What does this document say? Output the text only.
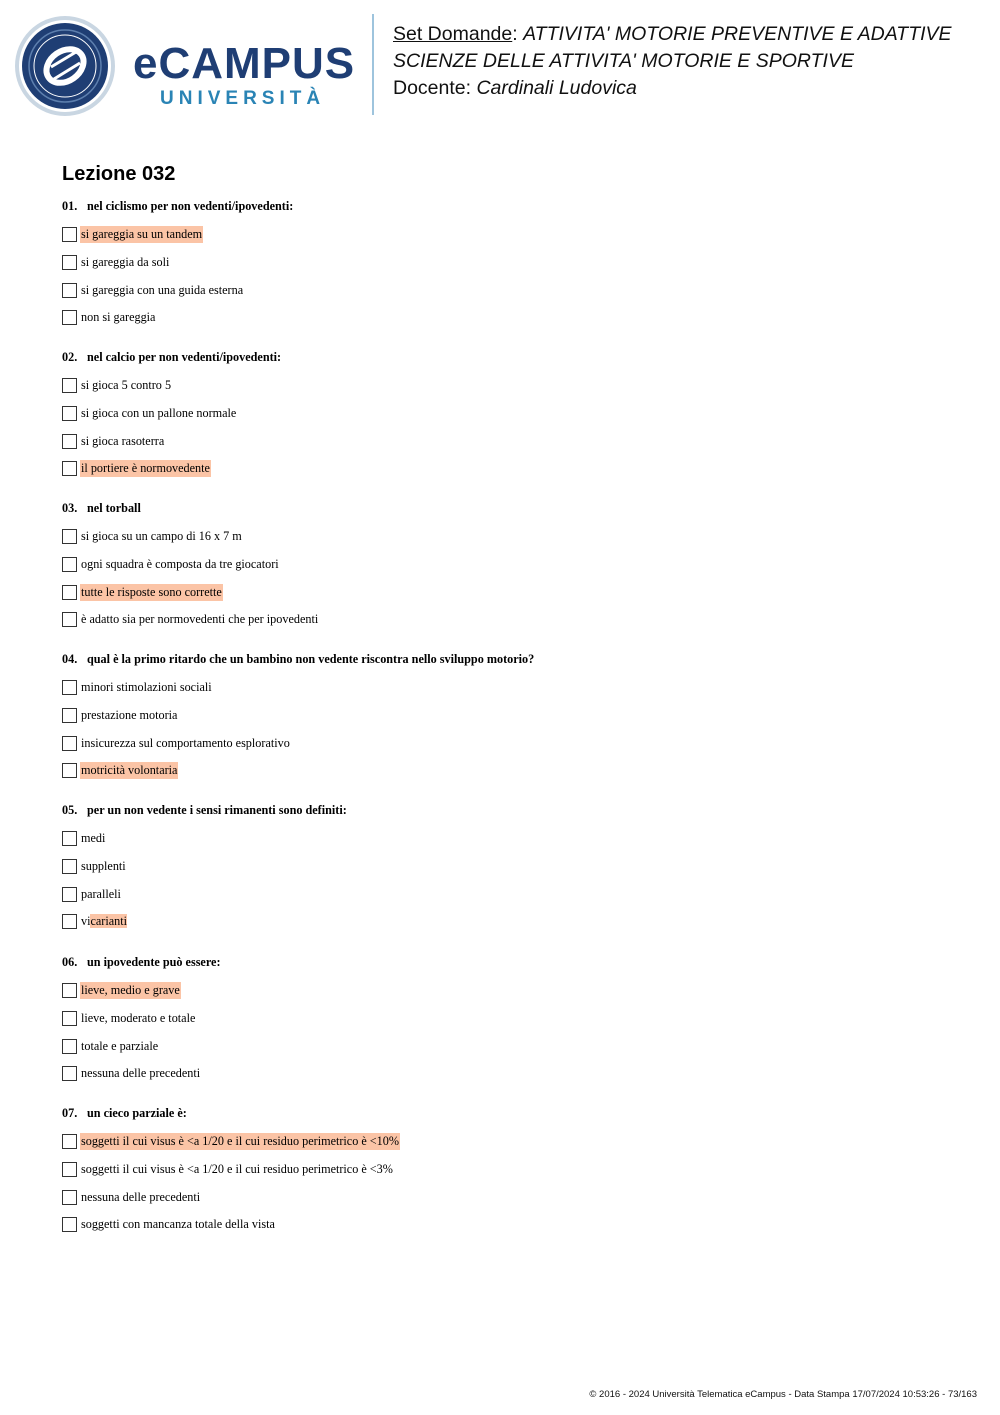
eCAMPUS
UNIVERSITÀ
Set Domande: ATTIVITA' MOTORIE PREVENTIVE E ADATTIVE
SCIENZE DELLE ATTIVITA' MOTORIE E SPORTIVE
Docente: Cardinali Ludovica
Lezione 032
01. nel ciclismo per non vedenti/ipovedenti:
si gareggia su un tandem
si gareggia da soli
si gareggia con una guida esterna
non si gareggia
02. nel calcio per non vedenti/ipovedenti:
si gioca 5 contro 5
si gioca con un pallone normale
si gioca rasoterra
il portiere è normovedente
03. nel torball
si gioca su un campo di 16 x 7 m
ogni squadra è composta da tre giocatori
tutte le risposte sono corrette
è adatto sia per normovedenti che per ipovedenti
04. qual è la primo ritardo che un bambino non vedente riscontra nello sviluppo motorio?
minori stimolazioni sociali
prestazione motoria
insicurezza sul comportamento esplorativo
motricità volontaria
05. per un non vedente i sensi rimanenti sono definiti:
medi
supplenti
paralleli
vicarianti
06. un ipovedente può essere:
lieve, medio e grave
lieve, moderato e totale
totale e parziale
nessuna delle precedenti
07. un cieco parziale è:
soggetti il cui visus è <a 1/20 e il cui residuo perimetrico è <10%
soggetti il cui visus è <a 1/20 e il cui residuo perimetrico è <3%
nessuna delle precedenti
soggetti con mancanza totale della vista
© 2016 - 2024 Università Telematica eCampus - Data Stampa 17/07/2024 10:53:26 - 73/163
